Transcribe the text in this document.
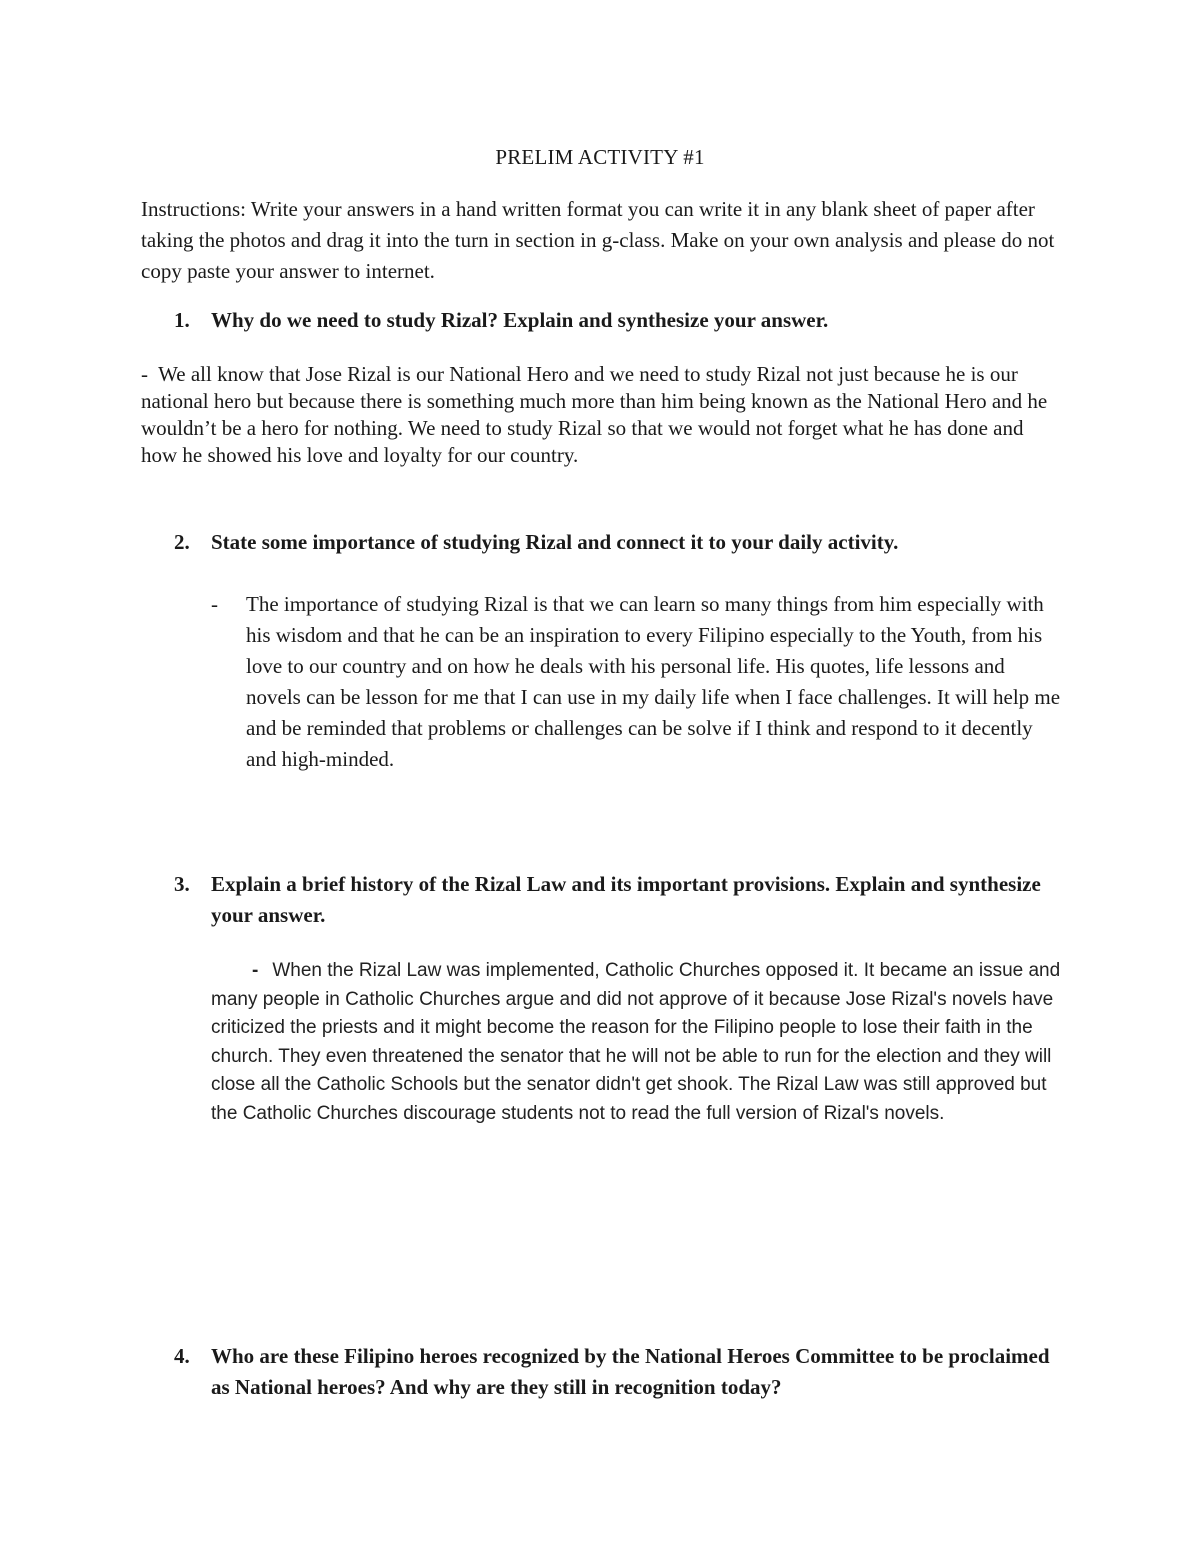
PRELIM ACTIVITY #1

Instructions: Write your answers in a hand written format you can write it in any blank sheet of paper after taking the photos and drag it into the turn in section in g-class. Make on your own analysis and please do not copy paste your answer to internet.

1.	Why do we need to study Rizal? Explain and synthesize your answer.

- We all know that Jose Rizal is our National Hero and we need to study Rizal not just because he is our national hero but because there is something much more than him being known as the National Hero and he wouldn’t be a hero for nothing. We need to study Rizal so that we would not forget what he has done and how he showed his love and loyalty for our country.

2.	State some importance of studying Rizal and connect it to your daily activity.
-	The importance of studying Rizal is that we can learn so many things from him especially with his wisdom and that he can be an inspiration to every Filipino especially to the Youth, from his love to our country and on how he deals with his personal life. His quotes, life lessons and novels can be lesson for me that I can use in my daily life when I face challenges. It will help me and be reminded that problems or challenges can be solve if I think and respond to it decently and high-minded.
3.	Explain a brief history of the Rizal Law and its important provisions. Explain and synthesize your answer.

- When the Rizal Law was implemented, Catholic Churches opposed it. It became an issue and many people in Catholic Churches argue and did not approve of it because Jose Rizal's novels have criticized the priests and it might become the reason for the Filipino people to lose their faith in the church. They even threatened the senator that he will not be able to run for the election and they will close all the Catholic Schools but the senator didn't get shook. The Rizal Law was still approved but the Catholic Churches discourage students not to read the full version of Rizal's novels.

4.	Who are these Filipino heroes recognized by the National Heroes Committee to be proclaimed as National heroes? And why are they still in recognition today?
